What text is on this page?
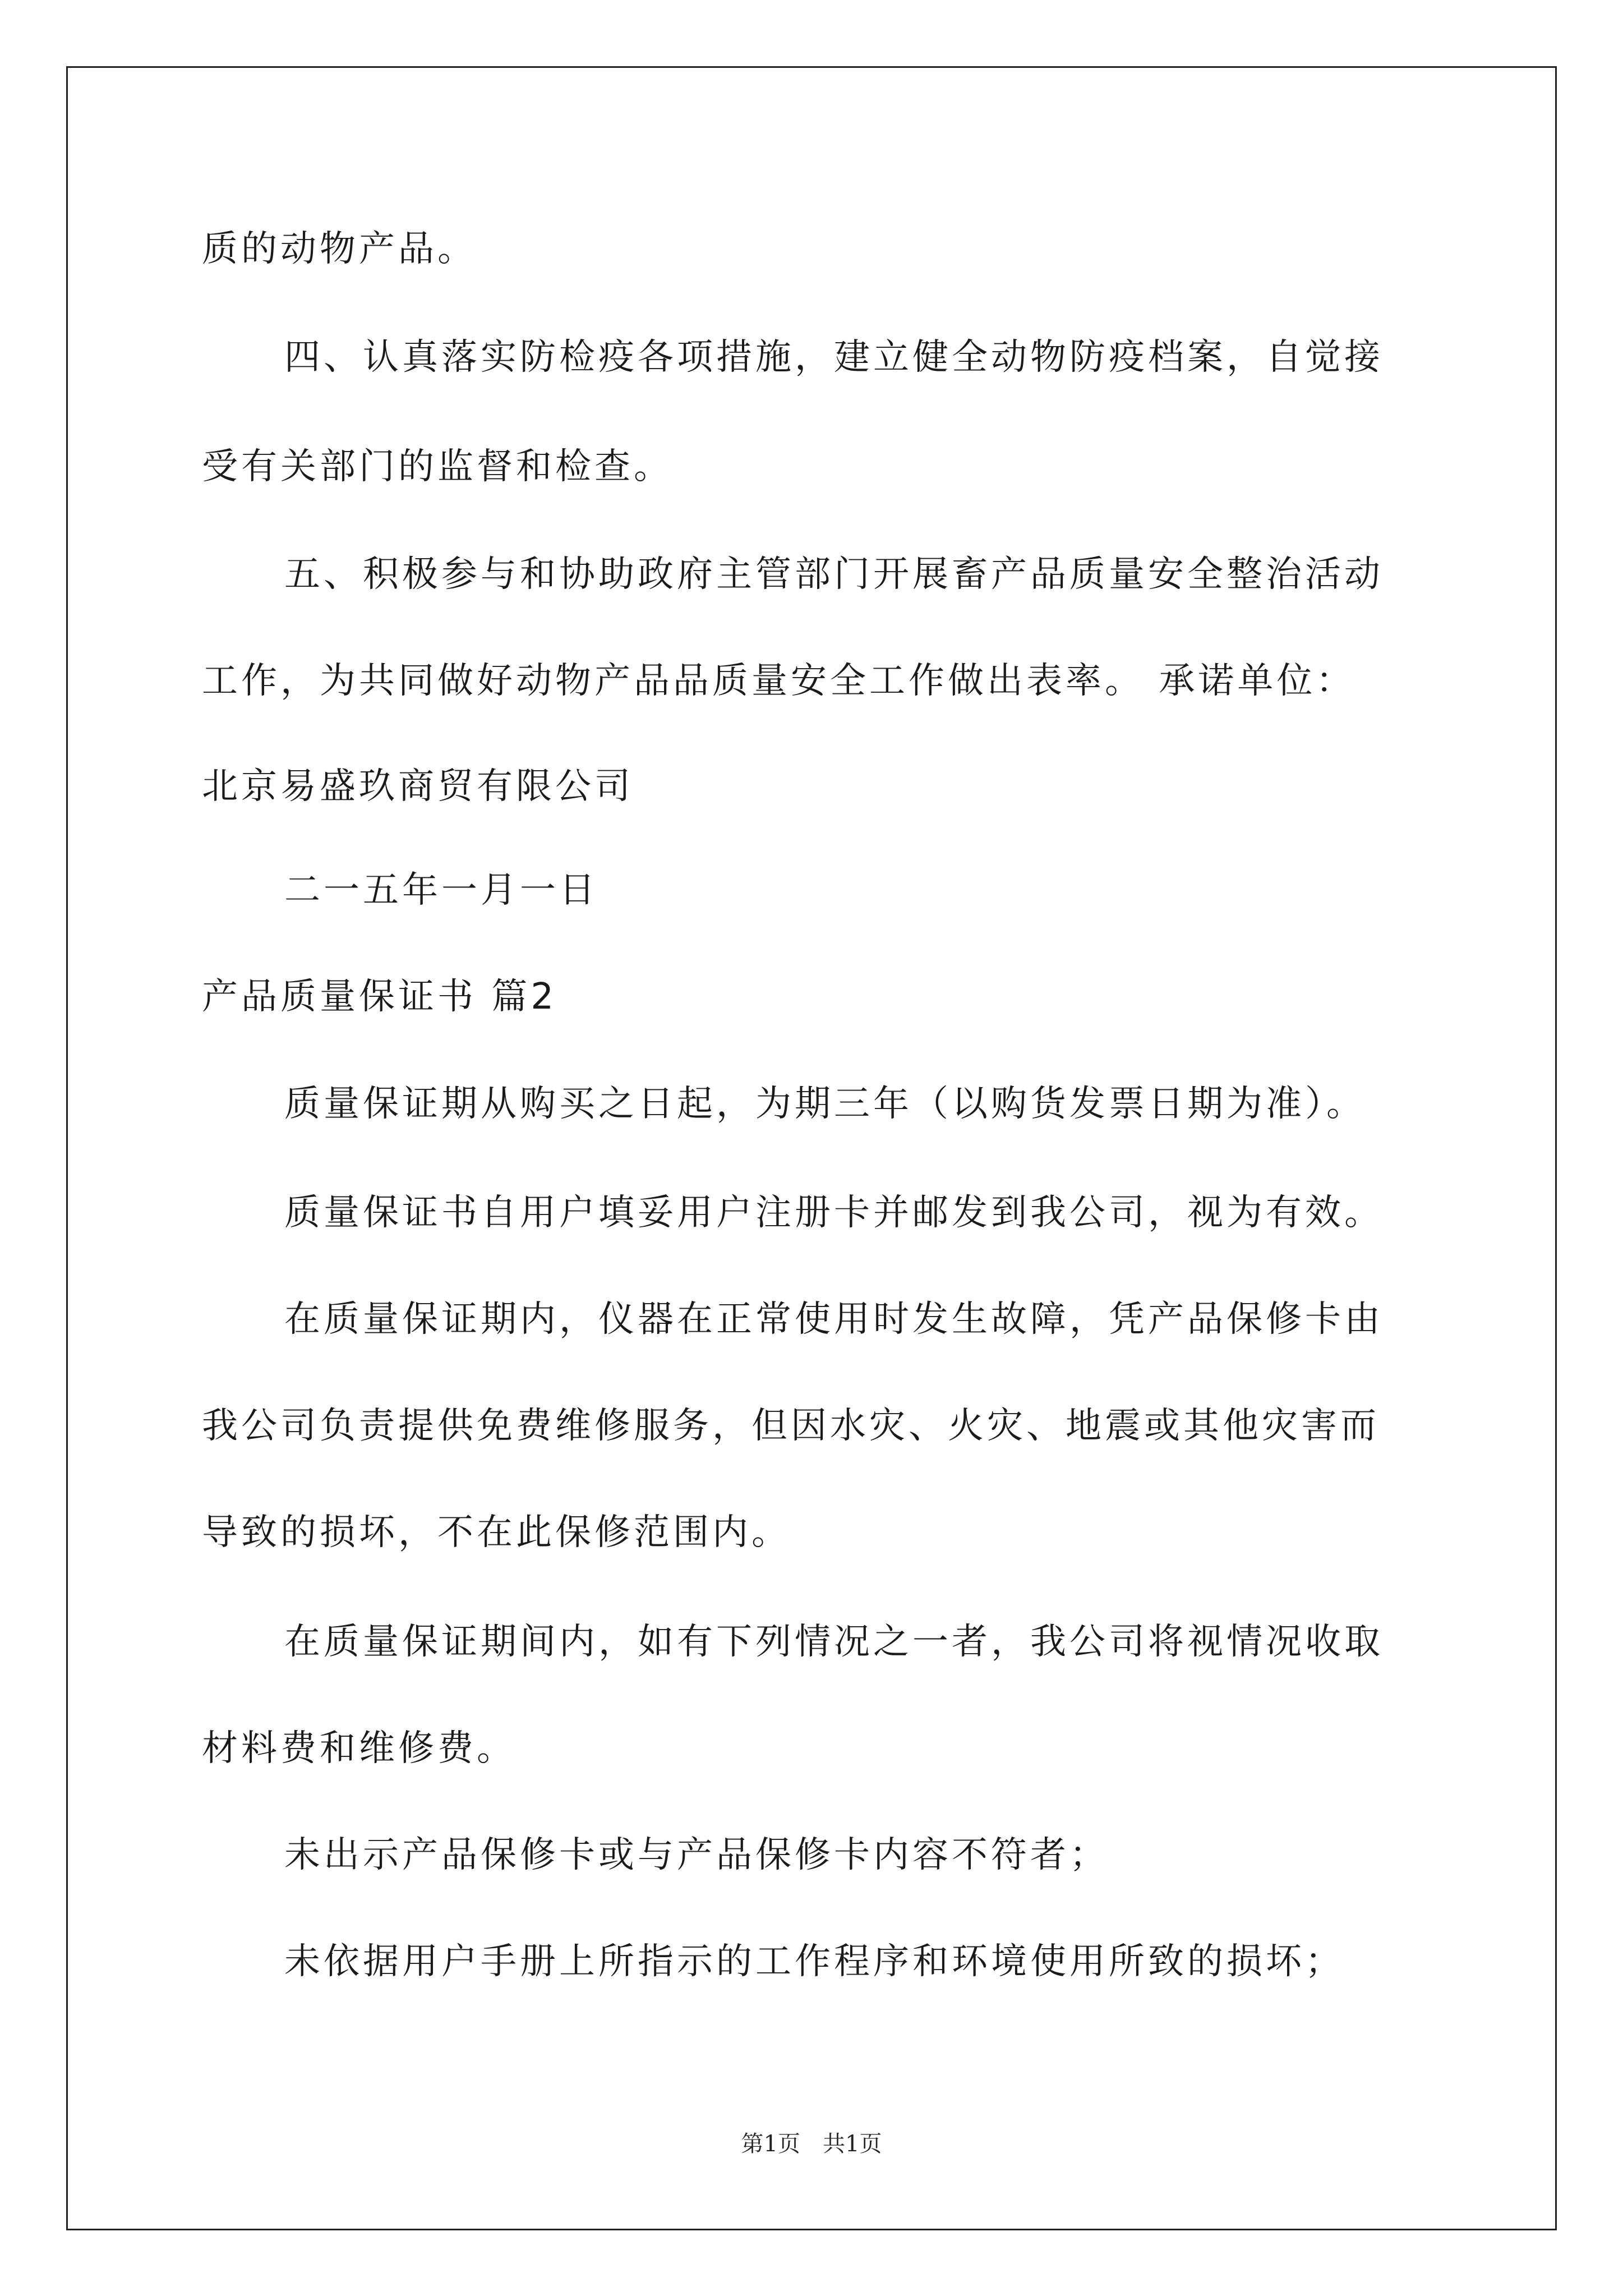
质的动物产品。
四、认真落实防检疫各项措施，建立健全动物防疫档案，自觉接
受有关部门的监督和检查。
五、积极参与和协助政府主管部门开展畜产品质量安全整治活动
工作，为共同做好动物产品品质量安全工作做出表率。 承诺单位：
北京易盛玖商贸有限公司
二一五年一月一日
产品质量保证书 篇2
质量保证期从购买之日起，为期三年（以购货发票日期为准）。
质量保证书自用户填妥用户注册卡并邮发到我公司，视为有效。
在质量保证期内，仪器在正常使用时发生故障，凭产品保修卡由
我公司负责提供免费维修服务，但因水灾、火灾、地震或其他灾害而
导致的损坏，不在此保修范围内。
在质量保证期间内，如有下列情况之一者，我公司将视情况收取
材料费和维修费。
未出示产品保修卡或与产品保修卡内容不符者；
未依据用户手册上所指示的工作程序和环境使用所致的损坏；
第1页　共1页
